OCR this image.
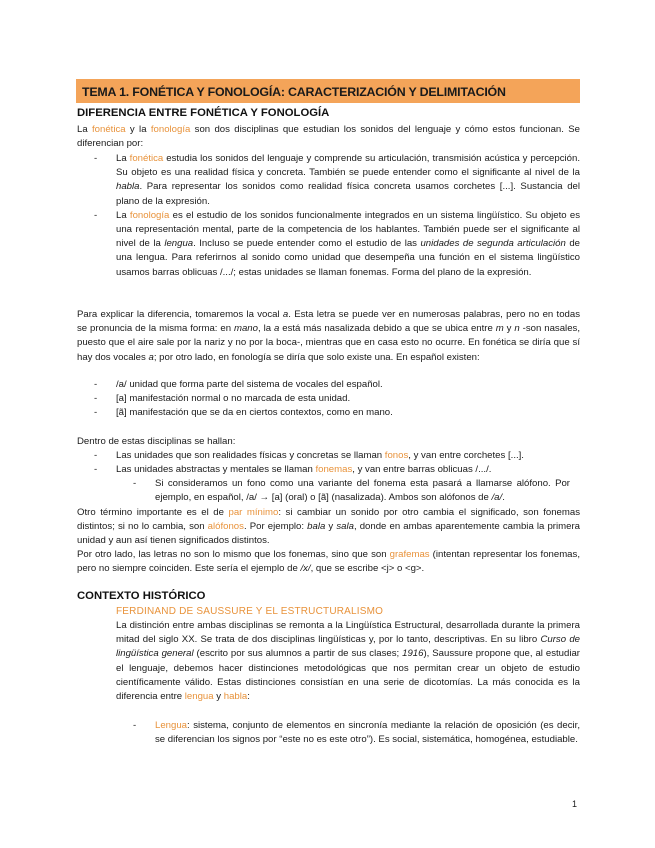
TEMA 1. FONÉTICA Y FONOLOGÍA: CARACTERIZACIÓN Y DELIMITACIÓN
DIFERENCIA ENTRE FONÉTICA Y FONOLOGÍA
La fonética y la fonología son dos disciplinas que estudian los sonidos del lenguaje y cómo estos funcionan. Se diferencian por:
- La fonética estudia los sonidos del lenguaje y comprende su articulación, transmisión acústica y percepción. Su objeto es una realidad física y concreta. También se puede entender como el significante al nivel de la habla. Para representar los sonidos como realidad física concreta usamos corchetes [...]. Sustancia del plano de la expresión.
- La fonología es el estudio de los sonidos funcionalmente integrados en un sistema lingüístico. Su objeto es una representación mental, parte de la competencia de los hablantes. También puede ser el significante al nivel de la lengua. Incluso se puede entender como el estudio de las unidades de segunda articulación de una lengua. Para referirnos al sonido como unidad que desempeña una función en el sistema lingüístico usamos barras oblicuas /.../; estas unidades se llaman fonemas. Forma del plano de la expresión.
Para explicar la diferencia, tomaremos la vocal a. Esta letra se puede ver en numerosas palabras, pero no en todas se pronuncia de la misma forma: en mano, la a está más nasalizada debido a que se ubica entre m y n -son nasales, puesto que el aire sale por la nariz y no por la boca-, mientras que en casa esto no ocurre. En fonética se diría que sí hay dos vocales a; por otro lado, en fonología se diría que solo existe una. En español existen:
- /a/ unidad que forma parte del sistema de vocales del español.
- [a] manifestación normal o no marcada de esta unidad.
- [ã] manifestación que se da en ciertos contextos, como en mano.
Dentro de estas disciplinas se hallan:
- Las unidades que son realidades físicas y concretas se llaman fonos, y van entre corchetes [...].
- Las unidades abstractas y mentales se llaman fonemas, y van entre barras oblicuas /.../.
- Si consideramos un fono como una variante del fonema esta pasará a llamarse alófono. Por ejemplo, en español, /a/ → [a] (oral) o [ã] (nasalizada). Ambos son alófonos de /a/.
Otro término importante es el de par mínimo: si cambiar un sonido por otro cambia el significado, son fonemas distintos; si no lo cambia, son alófonos. Por ejemplo: bala y sala, donde en ambas aparentemente cambia la primera unidad y aun así tienen significados distintos.
Por otro lado, las letras no son lo mismo que los fonemas, sino que son grafemas (intentan representar los fonemas, pero no siempre coinciden. Este sería el ejemplo de /x/, que se escribe <j> o <g>.
CONTEXTO HISTÓRICO
FERDINAND DE SAUSSURE Y EL ESTRUCTURALISMO
La distinción entre ambas disciplinas se remonta a la Lingüística Estructural, desarrollada durante la primera mitad del siglo XX. Se trata de dos disciplinas lingüísticas y, por lo tanto, descriptivas. En su libro Curso de lingüística general (escrito por sus alumnos a partir de sus clases; 1916), Saussure propone que, al estudiar el lenguaje, debemos hacer distinciones metodológicas que nos permitan crear un objeto de estudio científicamente válido. Estas distinciones consistían en una serie de dicotomías. La más conocida es la diferencia entre lengua y habla:
- Lengua: sistema, conjunto de elementos en sincronía mediante la relación de oposición (es decir, se diferencian los signos por “este no es este otro”). Es social, sistemática, homogénea, estudiable.
1
